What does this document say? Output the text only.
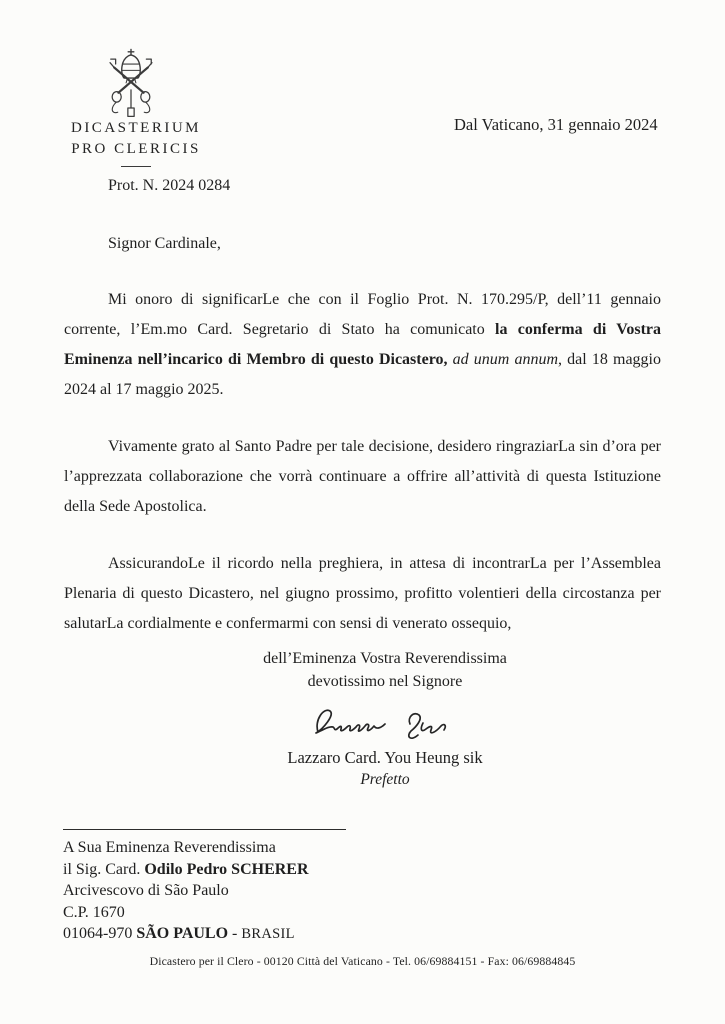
DICASTERIUM
PRO CLERICIS
Prot. N. 2024 0284
Dal Vaticano, 31 gennaio 2024

Signor Cardinale,

Mi onoro di significarLe che con il Foglio Prot. N. 170.295/P, dell’11 gennaio corrente, l’Em.mo Card. Segretario di Stato ha comunicato la conferma di Vostra Eminenza nell’incarico di Membro di questo Dicastero, ad unum annum, dal 18 maggio 2024 al 17 maggio 2025.

Vivamente grato al Santo Padre per tale decisione, desidero ringraziarLa sin d’ora per l’apprezzata collaborazione che vorrà continuare a offrire all’attività di questa Istituzione della Sede Apostolica.

AssicurandoLe il ricordo nella preghiera, in attesa di incontrarLa per l’Assemblea Plenaria di questo Dicastero, nel giugno prossimo, profitto volentieri della circostanza per salutarLa cordialmente e confermarmi con sensi di venerato ossequio,

dell’Eminenza Vostra Reverendissima
devotissimo nel Signore
Lazzaro Card. You Heung sik
Prefetto
A Sua Eminenza Reverendissima
il Sig. Card. Odilo Pedro SCHERER
Arcivescovo di São Paulo
C.P. 1670
01064-970 SÃO PAULO - BRASIL
Dicastero per il Clero - 00120 Città del Vaticano - Tel. 06/69884151 - Fax: 06/69884845
